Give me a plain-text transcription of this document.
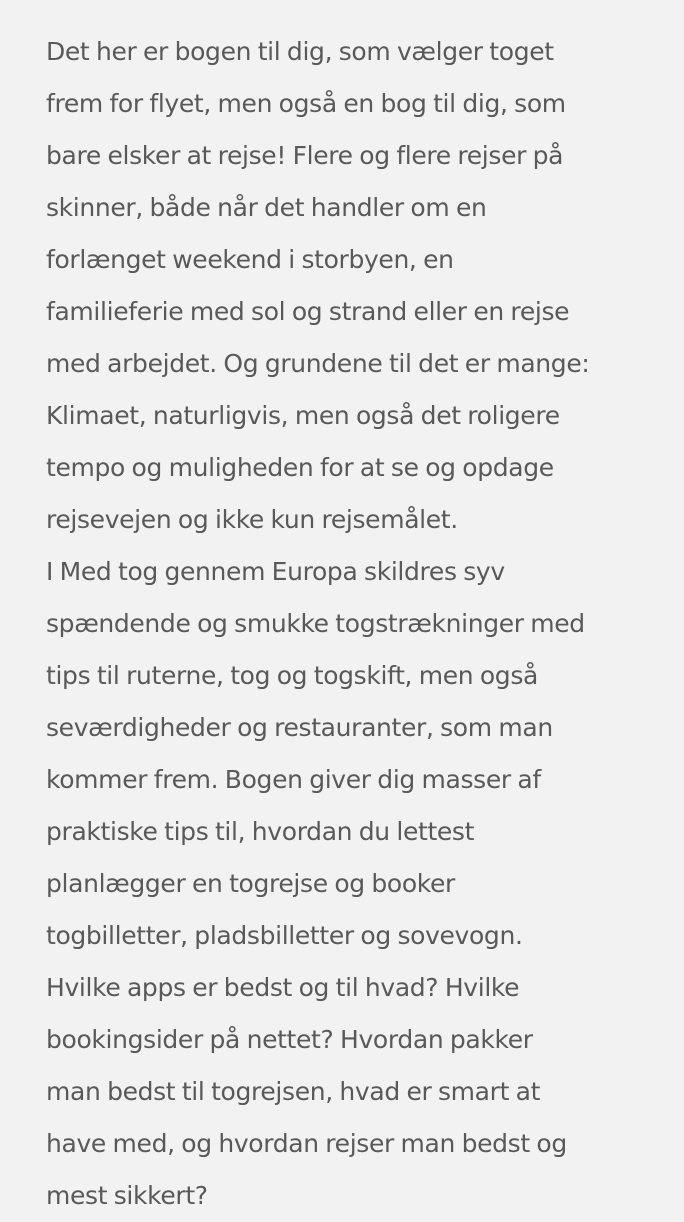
Det her er bogen til dig, som vælger toget
frem for flyet, men også en bog til dig, som
bare elsker at rejse! Flere og flere rejser på
skinner, både når det handler om en
forlænget weekend i storbyen, en
familieferie med sol og strand eller en rejse
med arbejdet. Og grundene til det er mange:
Klimaet, naturligvis, men også det roligere
tempo og muligheden for at se og opdage
rejsevejen og ikke kun rejsemålet.
I Med tog gennem Europa skildres syv
spændende og smukke togstrækninger med
tips til ruterne, tog og togskift, men også
seværdigheder og restauranter, som man
kommer frem. Bogen giver dig masser af
praktiske tips til, hvordan du lettest
planlægger en togrejse og booker
togbilletter, pladsbilletter og sovevogn.
Hvilke apps er bedst og til hvad? Hvilke
bookingsider på nettet? Hvordan pakker
man bedst til togrejsen, hvad er smart at
have med, og hvordan rejser man bedst og
mest sikkert?
